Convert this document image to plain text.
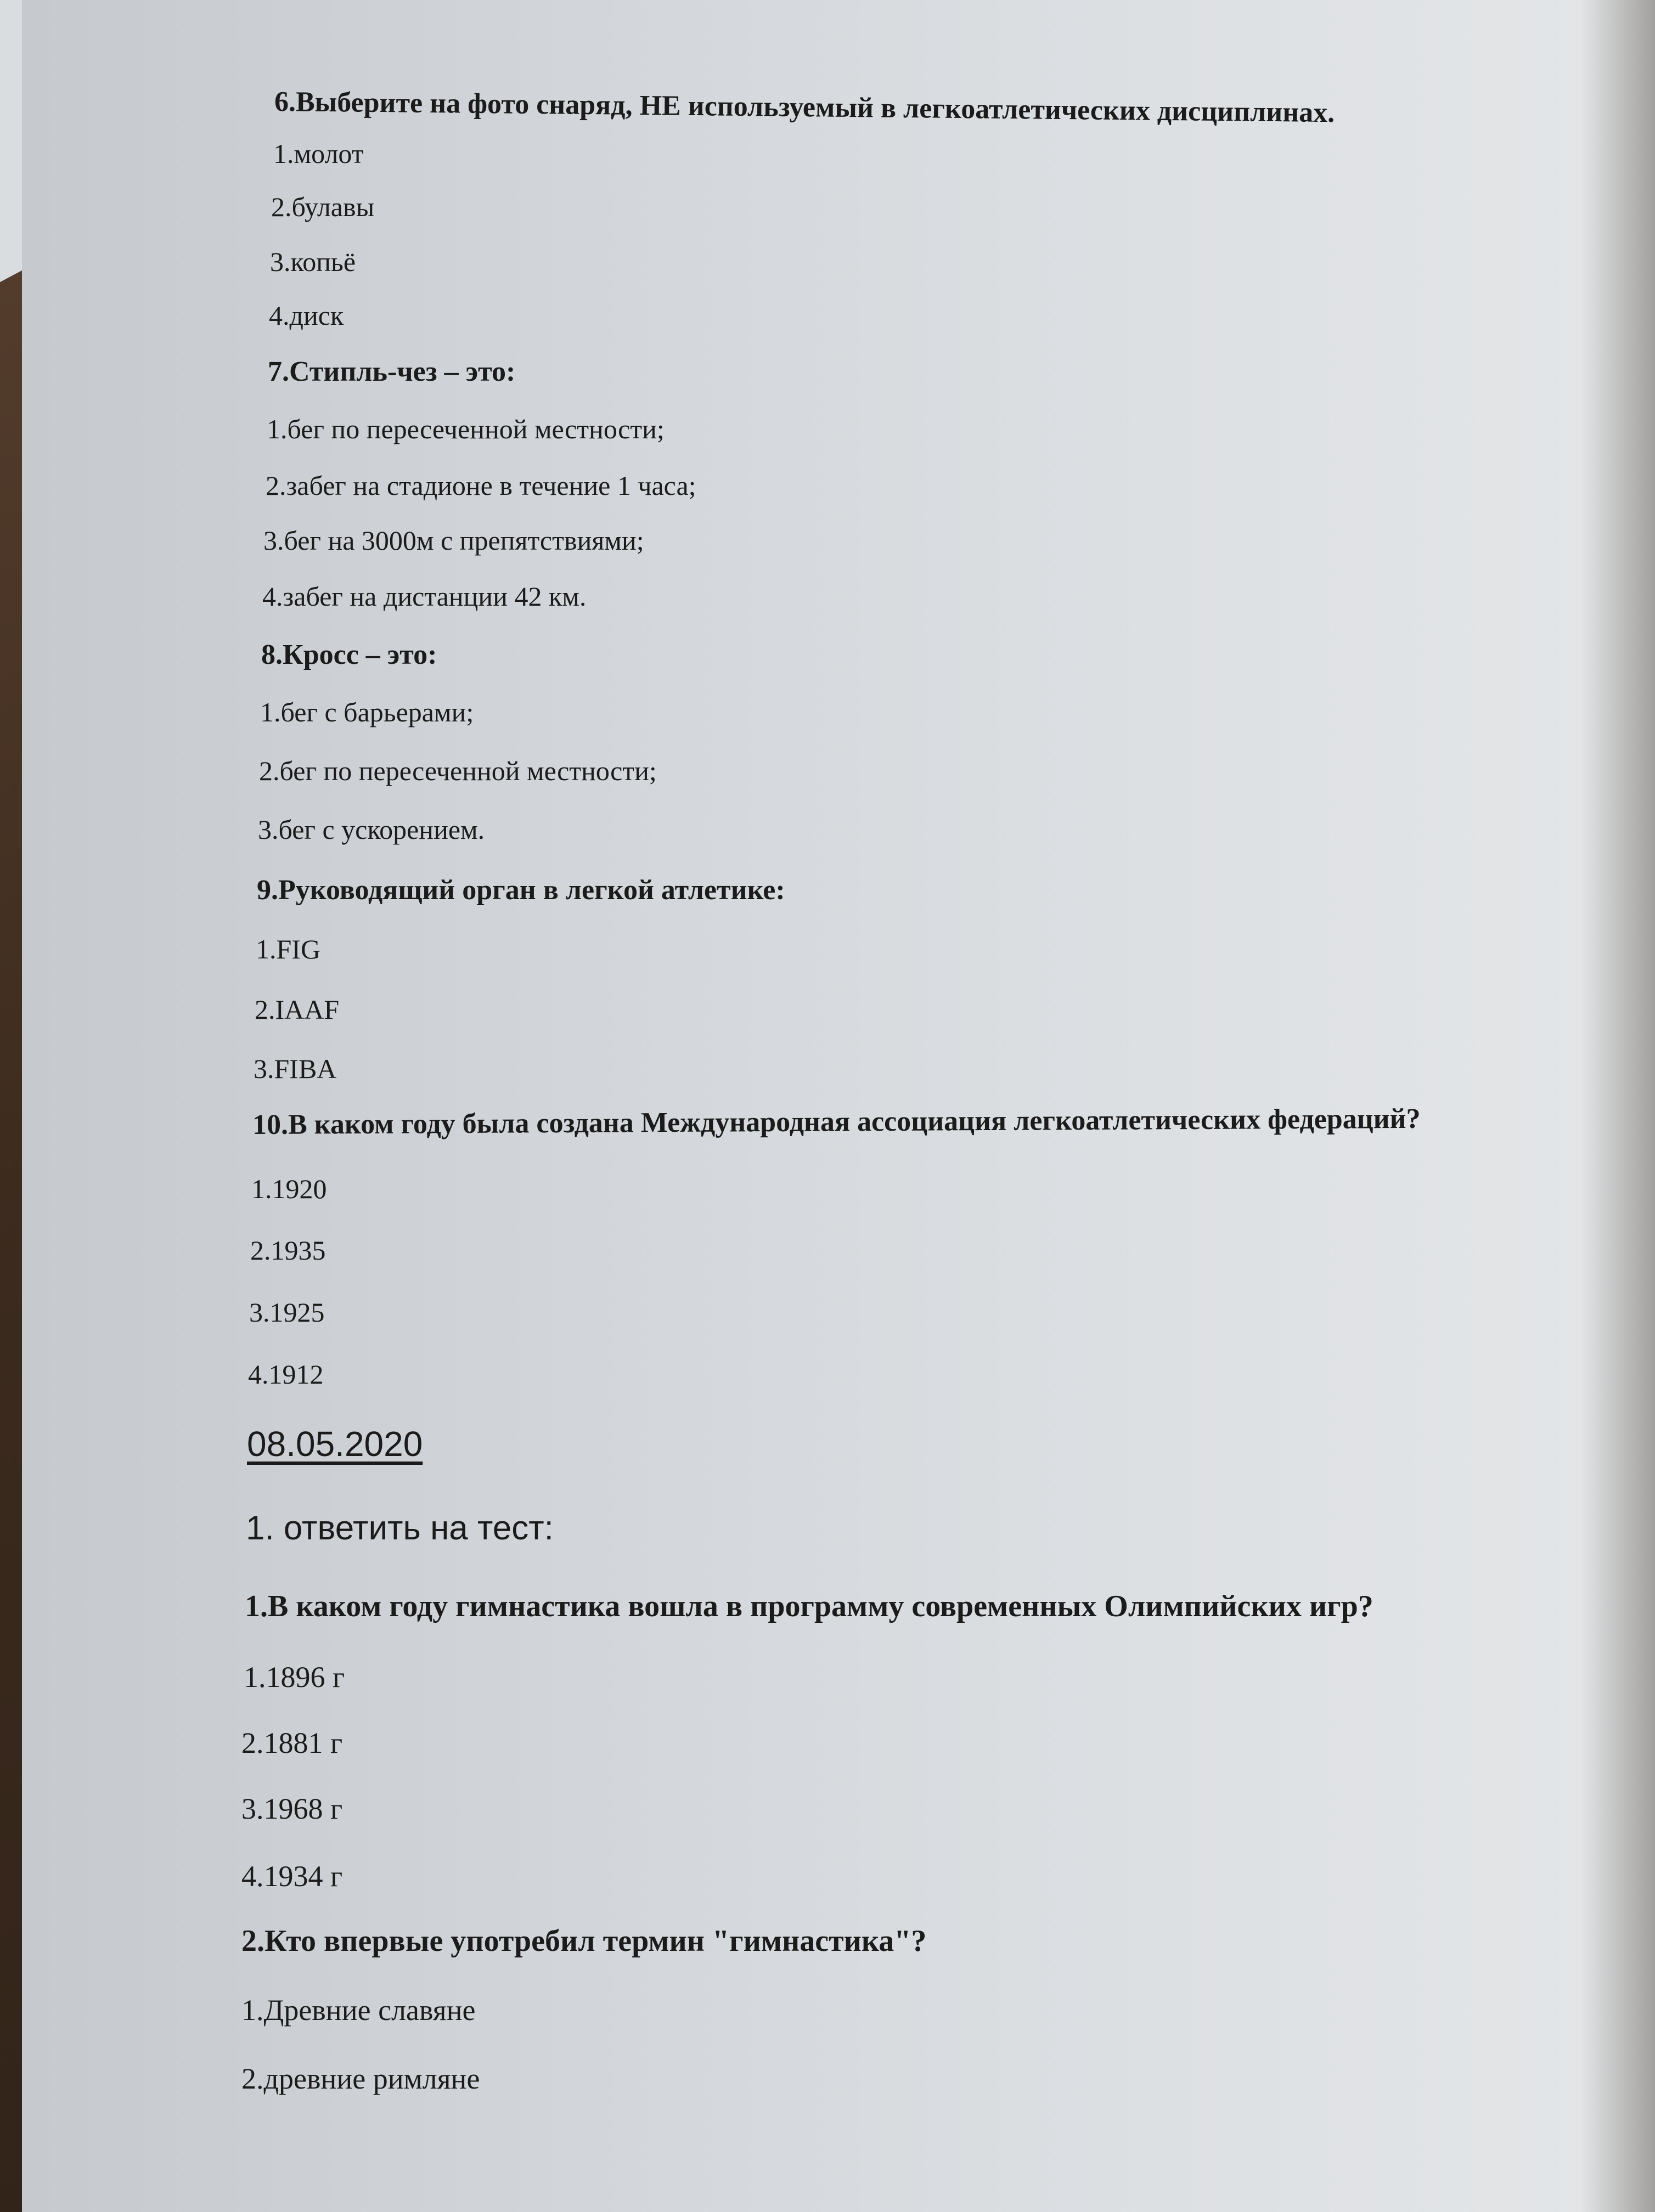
6.Выберите на фото снаряд, НЕ используемый в легкоатлетических дисциплинах.
1.молот
2.булавы
3.копьё
4.диск
7.Стипль-чез – это:
1.бег по пересеченной местности;
2.забег на стадионе в течение 1 часа;
3.бег на 3000м с препятствиями;
4.забег на дистанции 42 км.
8.Кросс – это:
1.бег с барьерами;
2.бег по пересеченной местности;
3.бег с ускорением.
9.Руководящий орган в легкой атлетике:
1.FIG
2.IAAF
3.FIBA
10.В каком году была создана Международная ассоциация легкоатлетических федераций?
1.1920
2.1935
3.1925
4.1912
08.05.2020
1. ответить на тест:
1.В каком году гимнастика вошла в программу современных Олимпийских игр?
1.1896 г
2.1881 г
3.1968 г
4.1934 г
2.Кто впервые употребил термин "гимнастика"?
1.Древние славяне
2.древние римляне
